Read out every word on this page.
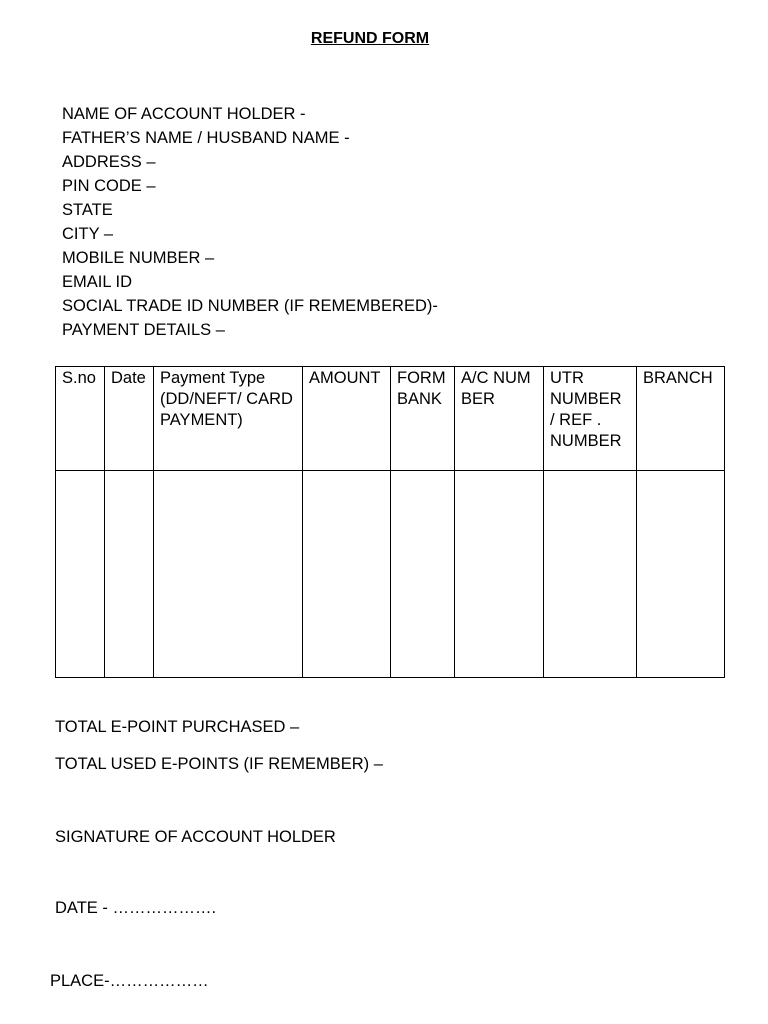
REFUND FORM
NAME OF ACCOUNT HOLDER -
FATHER’S NAME / HUSBAND NAME -
ADDRESS –
PIN CODE –
STATE
CITY –
MOBILE NUMBER –
EMAIL ID
SOCIAL TRADE ID NUMBER (IF REMEMBERED)-
PAYMENT DETAILS –
S.no	Date	Payment Type (DD/NEFT/ CARD PAYMENT)	AMOUNT	FORM BANK	A/C NUMBER	UTR NUMBER / REF . NUMBER	BRANCH

TOTAL E-POINT PURCHASED –
TOTAL USED E-POINTS (IF REMEMBER) –
SIGNATURE OF ACCOUNT HOLDER
DATE - ……………….
PLACE-………………
